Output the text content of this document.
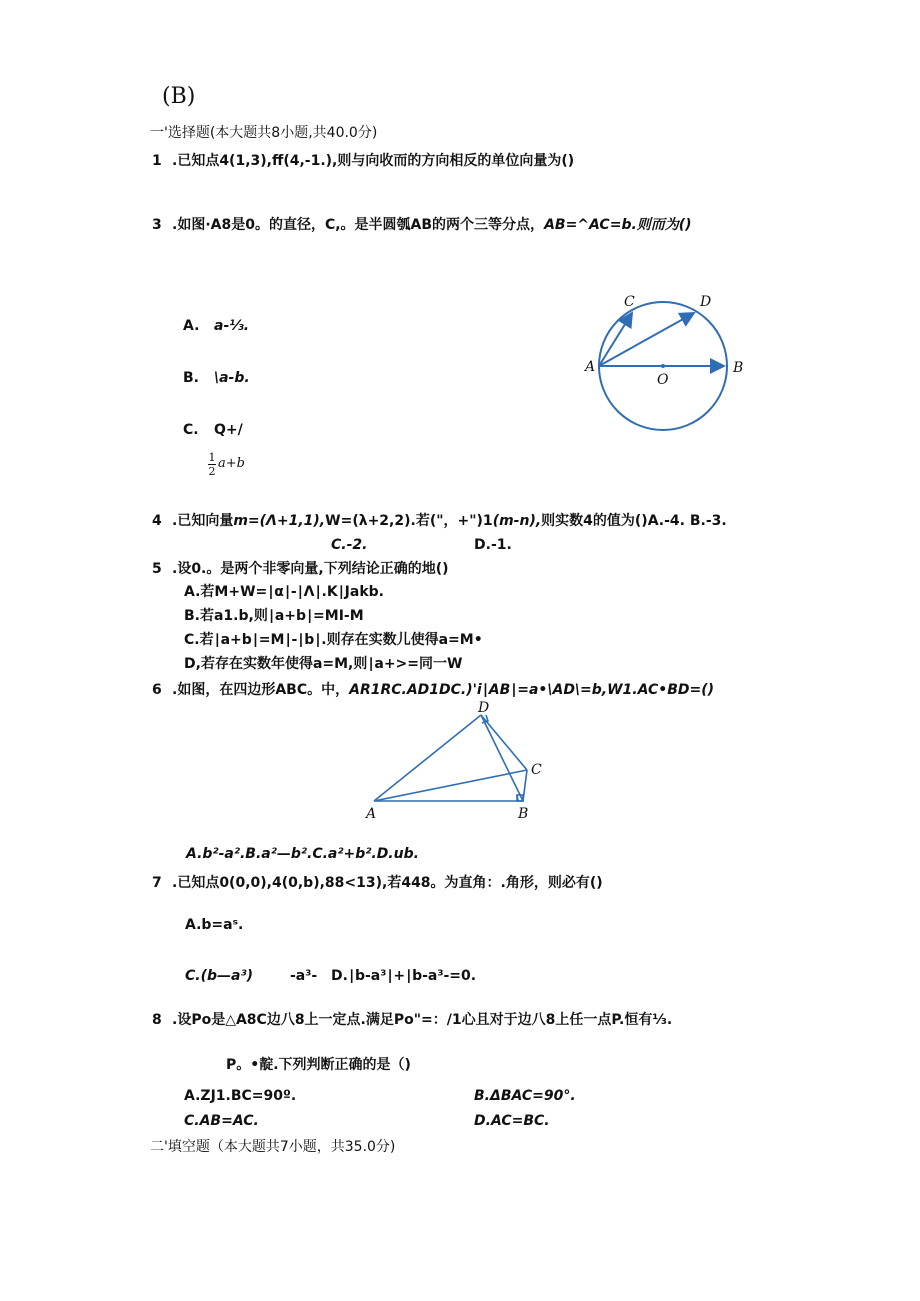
(B)
一'选择题(本大题共8小题,共40.0分)
1 .已知点4(1,3),ff(4,-1.),则与向收而的方向相反的单位向量为()
3 .如图·A8是0。的直径，C,。是半圆瓠AB的两个三等分点，AB=^AC=b.则而为()
A. a-⅓.
B. \a-b.
C. Q+/
1
2
a+b
A	B
C	D
O
4 .已知向量m=(Λ+1,1),W=(λ+2,2).若("，+")1(m-n),则实数4的值为()A.-4. B.-3.
C.-2.	D.-1.
5 .设0.。是两个非零向量,下列结论正确的地()
A.若M+W=∣α∣-∣Λ∣.K∣Jakb.
B.若a1.b,则∣a+b∣=MI-M
C.若∣a+b∣=M∣-∣b∣.则存在实数儿使得a=M•
D,若存在实数年使得a=M,则∣a+>=同一W
6 .如图，在四边形ABC。中，AR1RC.AD1DC.)'i∣AB∣=a•\AD\=b,W1.AC•BD=()
A	B
C
D
A.b²-a².B.a²—b².C.a²+b².D.ub.
7 .已知点0(0,0),4(0,b),88<13),若448。为直角：.角形，则必有()
A.b=aˢ.
C.(b—a³)	-a³- D.∣b-a³∣+∣b-a³-=0.
8 .设Po是△A8C边八8上一定点.满足Po"=：/1心且对于边八8上任一点P.恒有⅓.
P。•靛.下列判断正确的是（)
A.ZJ1.BC=90º.	B.ΔBAC=90°.
C.AB=AC.	D.AC=BC.
二'填空题（本大题共7小题，共35.0分)
